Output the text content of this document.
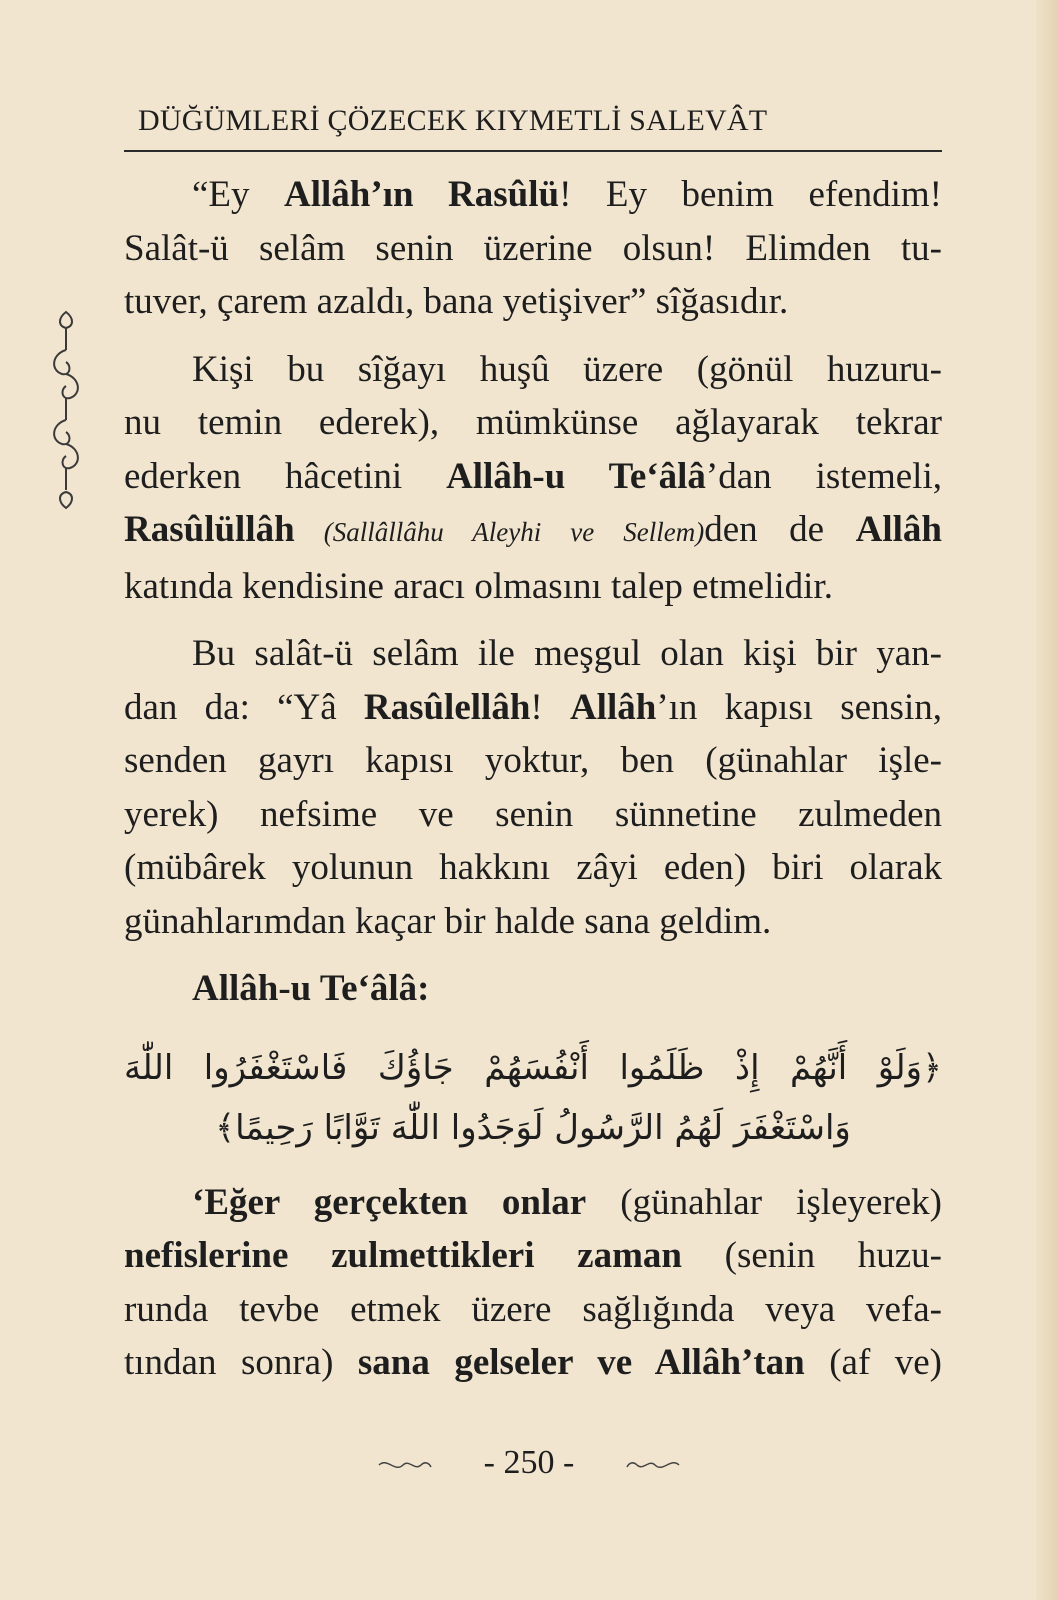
DÜĞÜMLERİ ÇÖZECEK KIYMETLİ SALEVÂT

“Ey Allâh’ın Rasûlü! Ey benim efendim!
Salât-ü selâm senin üzerine olsun! Elimden tu-
tuver, çarem azaldı, bana yetişiver” sîğasıdır.

Kişi bu sîğayı huşû üzere (gönül huzuru-
nu temin ederek), mümkünse ağlayarak tekrar
ederken hâcetini Allâh-u Te‘âlâ’dan istemeli,
Rasûlüllâh (Sallâllâhu Aleyhi ve Sellem)den de Allâh
katında kendisine aracı olmasını talep etmelidir.

Bu salât-ü selâm ile meşgul olan kişi bir yan-
dan da: “Yâ Rasûlellâh! Allâh’ın kapısı sensin,
senden gayrı kapısı yoktur, ben (günahlar işle-
yerek) nefsime ve senin sünnetine zulmeden
(mübârek yolunun hakkını zâyi eden) biri olarak
günahlarımdan kaçar bir halde sana geldim.

Allâh-u Te‘âlâ:

﴿وَلَوْ أَنَّهُمْ إِذْ ظَلَمُوا أَنْفُسَهُمْ جَاؤُكَ فَاسْتَغْفَرُوا اللّٰهَ
وَاسْتَغْفَرَ لَهُمُ الرَّسُولُ لَوَجَدُوا اللّٰهَ تَوَّابًا رَحِيمًا﴾

‘Eğer gerçekten onlar (günahlar işleyerek)
nefislerine zulmettikleri zaman (senin huzu-
runda tevbe etmek üzere sağlığında veya vefa-
tından sonra) sana gelseler ve Allâh’tan (af ve)

- 250 -
